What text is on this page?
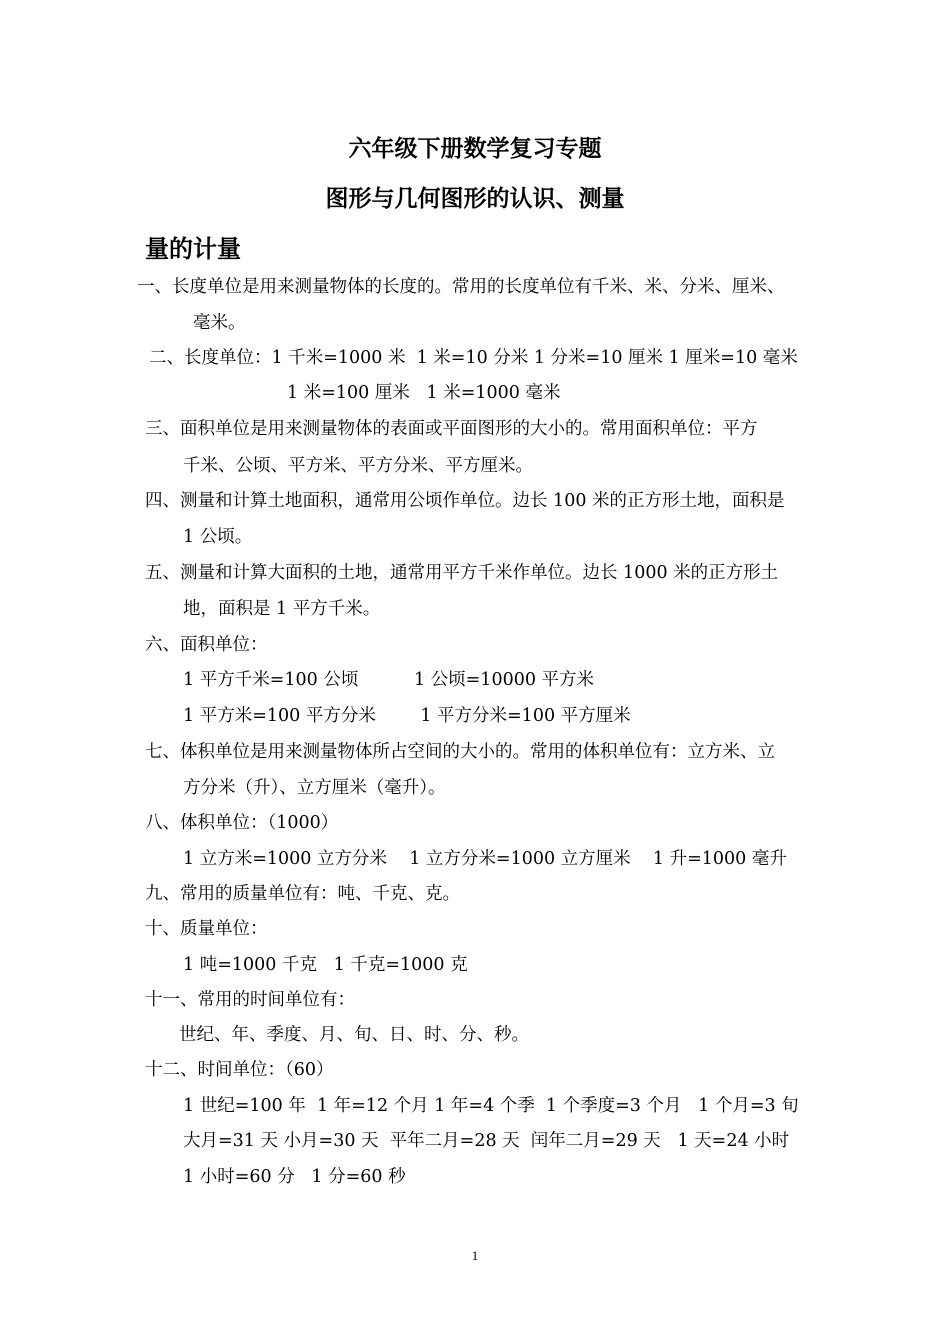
六年级下册数学复习专题
图形与几何图形的认识、测量
量的计量
一、长度单位是用来测量物体的长度的。常用的长度单位有千米、米、分米、厘米、
毫米。
二、长度单位：1 千米=1000 米  1 米=10 分米 1 分米=10 厘米 1 厘米=10 毫米
1 米=100 厘米   1 米=1000 毫米
三、面积单位是用来测量物体的表面或平面图形的大小的。常用面积单位：平方
千米、公顷、平方米、平方分米、平方厘米。
四、测量和计算土地面积，通常用公顷作单位。边长 100 米的正方形土地，面积是
1 公顷。
五、测量和计算大面积的土地，通常用平方千米作单位。边长 1000 米的正方形土
地，面积是 1 平方千米。
六、面积单位：
1 平方千米=100 公顷          1 公顷=10000 平方米
1 平方米=100 平方分米        1 平方分米=100 平方厘米
七、体积单位是用来测量物体所占空间的大小的。常用的体积单位有：立方米、立
方分米（升）、立方厘米（毫升）。
八、体积单位：（1000）
1 立方米=1000 立方分米    1 立方分米=1000 立方厘米    1 升=1000 毫升
九、常用的质量单位有：吨、千克、克。
十、质量单位：
1 吨=1000 千克   1 千克=1000 克
十一、常用的时间单位有：
世纪、年、季度、月、旬、日、时、分、秒。
十二、时间单位：（60）
1 世纪=100 年  1 年=12 个月 1 年=4 个季  1 个季度=3 个月   1 个月=3 旬
大月=31 天 小月=30 天  平年二月=28 天  闰年二月=29 天   1 天=24 小时
1 小时=60 分   1 分=60 秒
1
